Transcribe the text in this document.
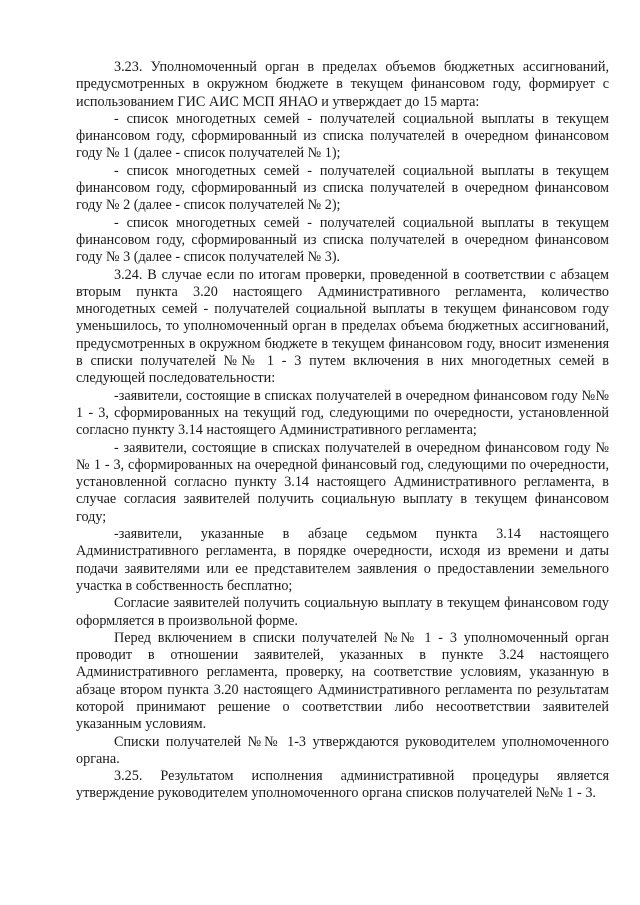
3.23. Уполномоченный орган в пределах объемов бюджетных ассигнований, предусмотренных в окружном бюджете в текущем финансовом году, формирует с использованием ГИС АИС МСП ЯНАО и утверждает до 15 марта:

- список многодетных семей - получателей социальной выплаты в текущем финансовом году, сформированный из списка получателей в очередном финансовом году № 1 (далее - список получателей № 1);

- список многодетных семей - получателей социальной выплаты в текущем финансовом году, сформированный из списка получателей в очередном финансовом году № 2 (далее - список получателей № 2);

- список многодетных семей - получателей социальной выплаты в текущем финансовом году, сформированный из списка получателей в очередном финансовом году № 3 (далее - список получателей № 3).

3.24. В случае если по итогам проверки, проведенной в соответствии с абзацем вторым пункта 3.20 настоящего Административного регламента, количество многодетных семей - получателей социальной выплаты в текущем финансовом году уменьшилось, то уполномоченный орган в пределах объема бюджетных ассигнований, предусмотренных в окружном бюджете в текущем финансовом году, вносит изменения в списки получателей №№ 1 - 3 путем включения в них многодетных семей в следующей последовательности:

-заявители, состоящие в списках получателей в очередном финансовом году №№ 1 - 3, сформированных на текущий год, следующими по очередности, установленной согласно пункту 3.14 настоящего Административного регламента;

- заявители, состоящие в списках получателей в очередном финансовом году №№ 1 - 3, сформированных на очередной финансовый год, следующими по очередности, установленной согласно пункту 3.14 настоящего Административного регламента, в случае согласия заявителей получить социальную выплату в текущем финансовом году;

-заявители, указанные в абзаце седьмом пункта 3.14 настоящего Административного регламента, в порядке очередности, исходя из времени и даты подачи заявителями или ее представителем заявления о предоставлении земельного участка в собственность бесплатно;

Согласие заявителей получить социальную выплату в текущем финансовом году оформляется в произвольной форме.

Перед включением в списки получателей №№ 1 - 3 уполномоченный орган проводит в отношении заявителей, указанных в пункте 3.24 настоящего Административного регламента, проверку, на соответствие условиям, указанную в абзаце втором пункта 3.20 настоящего Административного регламента по результатам которой принимают решение о соответствии либо несоответствии заявителей указанным условиям.

Списки получателей №№ 1-3 утверждаются руководителем уполномоченного органа.

3.25. Результатом исполнения административной процедуры является утверждение руководителем уполномоченного органа списков получателей №№ 1 - 3.
